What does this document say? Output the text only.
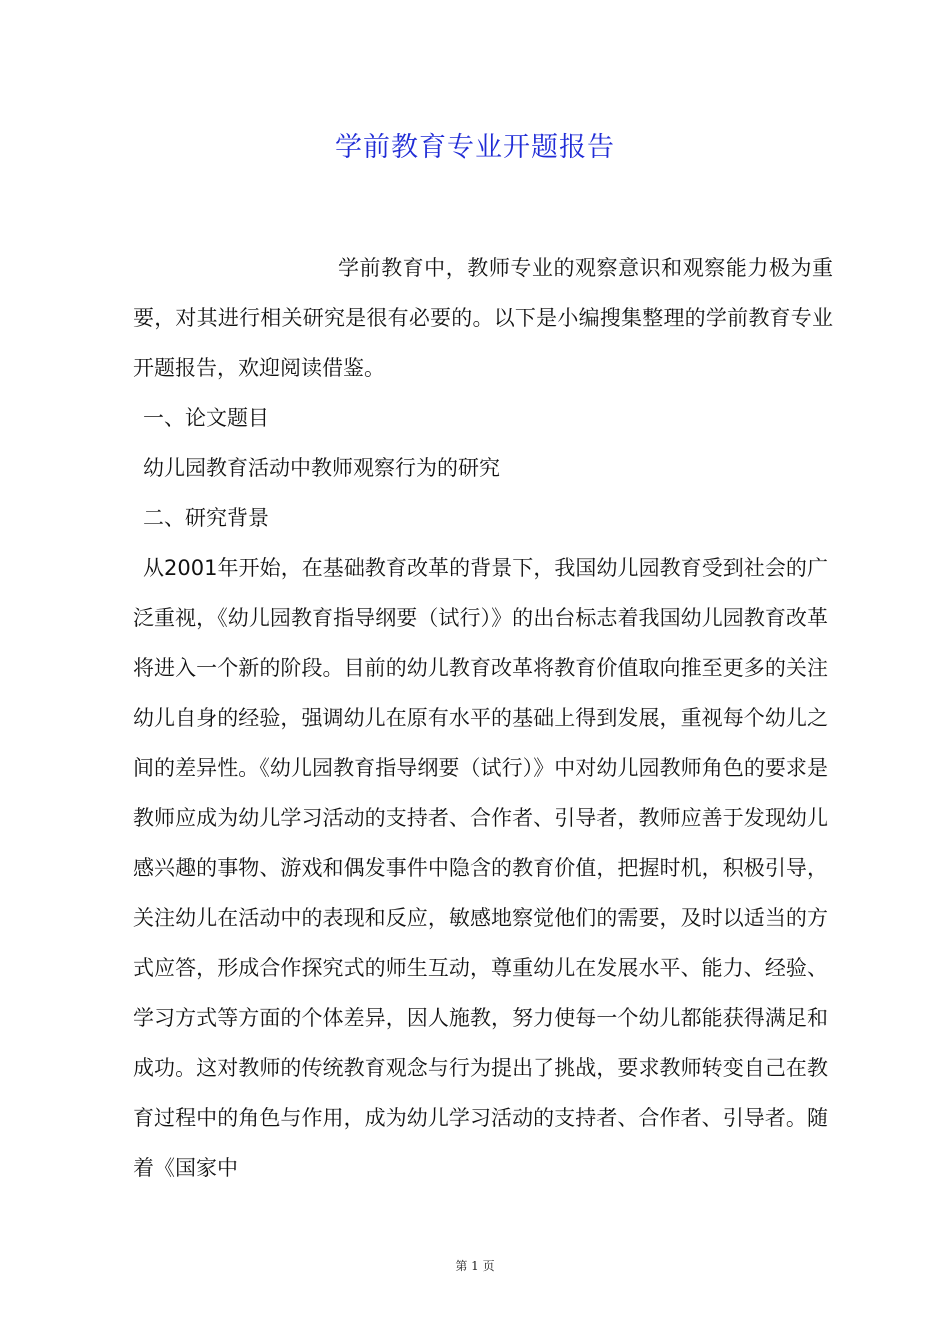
学前教育专业开题报告
学前教育中，教师专业的观察意识和观察能力极为重要，对其进行相关研究是很有必要的。以下是小编搜集整理的学前教育专业开题报告，欢迎阅读借鉴。
一、论文题目
幼儿园教育活动中教师观察行为的研究
二、研究背景
从2001年开始，在基础教育改革的背景下，我国幼儿园教育受到社会的广泛重视，《幼儿园教育指导纲要（试行）》的出台标志着我国幼儿园教育改革将进入一个新的阶段。目前的幼儿教育改革将教育价值取向推至更多的关注幼儿自身的经验，强调幼儿在原有水平的基础上得到发展，重视每个幼儿之间的差异性。《幼儿园教育指导纲要（试行）》中对幼儿园教师角色的要求是教师应成为幼儿学习活动的支持者、合作者、引导者，教师应善于发现幼儿感兴趣的事物、游戏和偶发事件中隐含的教育价值，把握时机，积极引导，关注幼儿在活动中的表现和反应，敏感地察觉他们的需要，及时以适当的方式应答，形成合作探究式的师生互动，尊重幼儿在发展水平、能力、经验、学习方式等方面的个体差异，因人施教，努力使每一个幼儿都能获得满足和成功。这对教师的传统教育观念与行为提出了挑战，要求教师转变自己在教育过程中的角色与作用，成为幼儿学习活动的支持者、合作者、引导者。随着《国家中
第 1 页
